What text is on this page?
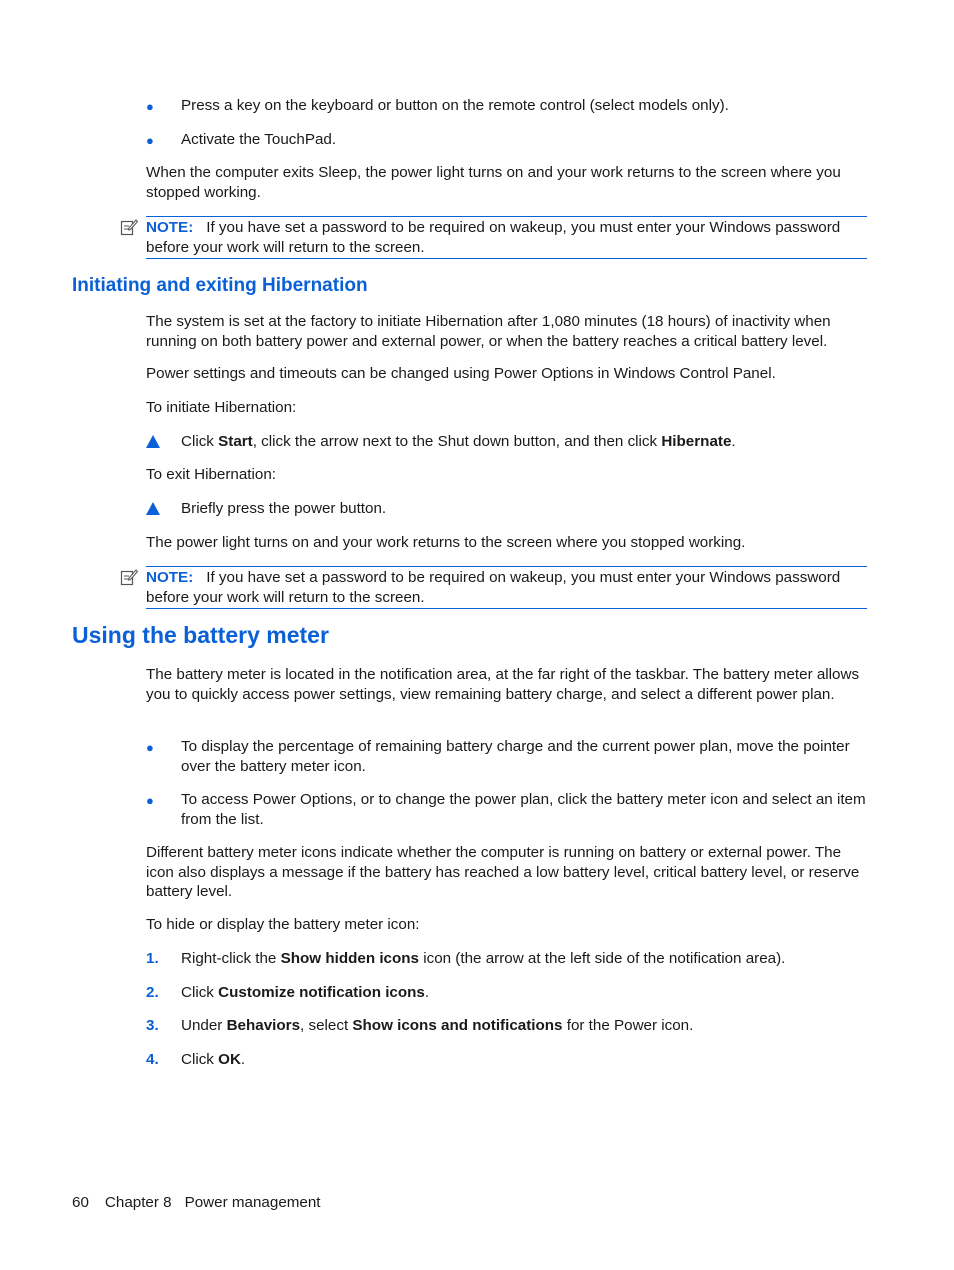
● Press a key on the keyboard or button on the remote control (select models only).

● Activate the TouchPad.

When the computer exits Sleep, the power light turns on and your work returns to the screen where you stopped working.

NOTE: If you have set a password to be required on wakeup, you must enter your Windows password before your work will return to the screen.
Initiating and exiting Hibernation

The system is set at the factory to initiate Hibernation after 1,080 minutes (18 hours) of inactivity when running on both battery power and external power, or when the battery reaches a critical battery level.

Power settings and timeouts can be changed using Power Options in Windows Control Panel.

To initiate Hibernation:

Click Start, click the arrow next to the Shut down button, and then click Hibernate.

To exit Hibernation:

Briefly press the power button.

The power light turns on and your work returns to the screen where you stopped working.

NOTE: If you have set a password to be required on wakeup, you must enter your Windows password before your work will return to the screen.
Using the battery meter

The battery meter is located in the notification area, at the far right of the taskbar. The battery meter allows you to quickly access power settings, view remaining battery charge, and select a different power plan.

● To display the percentage of remaining battery charge and the current power plan, move the pointer over the battery meter icon.

● To access Power Options, or to change the power plan, click the battery meter icon and select an item from the list.

Different battery meter icons indicate whether the computer is running on battery or external power. The icon also displays a message if the battery has reached a low battery level, critical battery level, or reserve battery level.

To hide or display the battery meter icon:

1. Right-click the Show hidden icons icon (the arrow at the left side of the notification area).

2. Click Customize notification icons.

3. Under Behaviors, select Show icons and notifications for the Power icon.

4. Click OK.

60 Chapter 8 Power management
